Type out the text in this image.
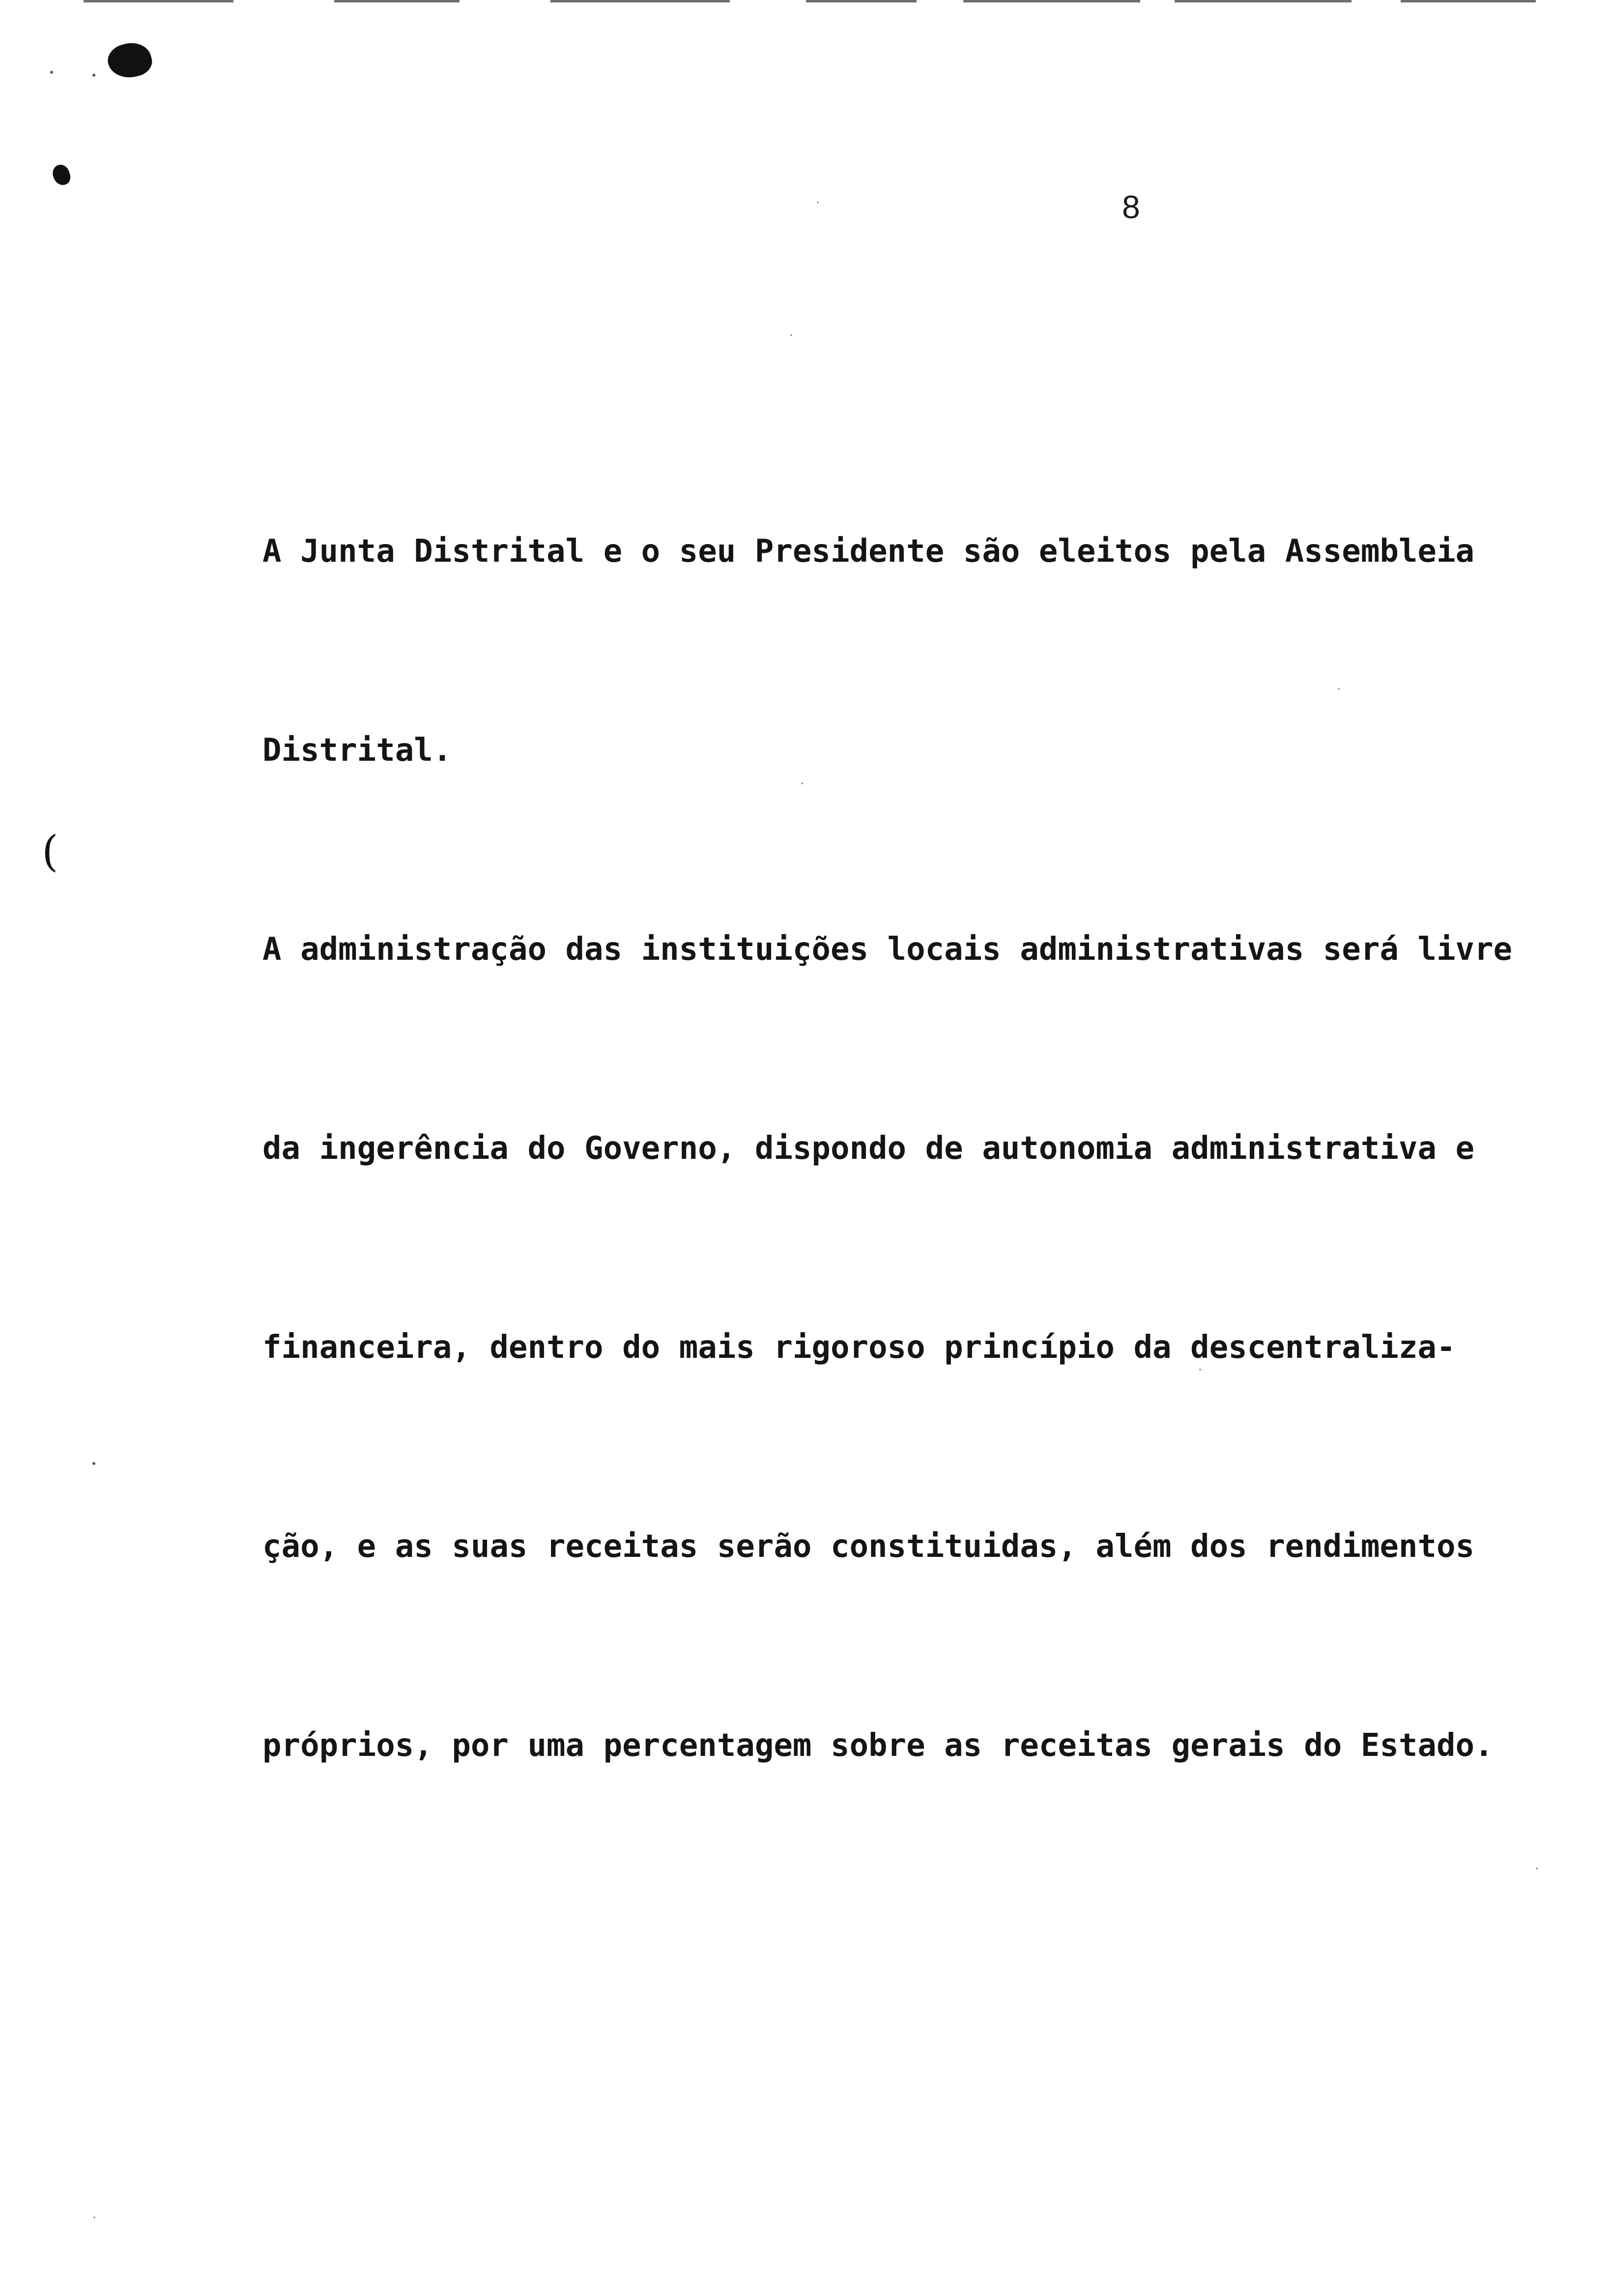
(
8

A Junta Distrital e o seu Presidente são eleitos pela Assembleia

Distrital.

A administração das instituições locais administrativas será livre

da ingerência do Governo, dispondo de autonomia administrativa e

financeira, dentro do mais rigoroso princípio da descentraliza-

ção, e as suas receitas serão constituidas, além dos rendimentos

próprios, por uma percentagem sobre as receitas gerais do Estado.
